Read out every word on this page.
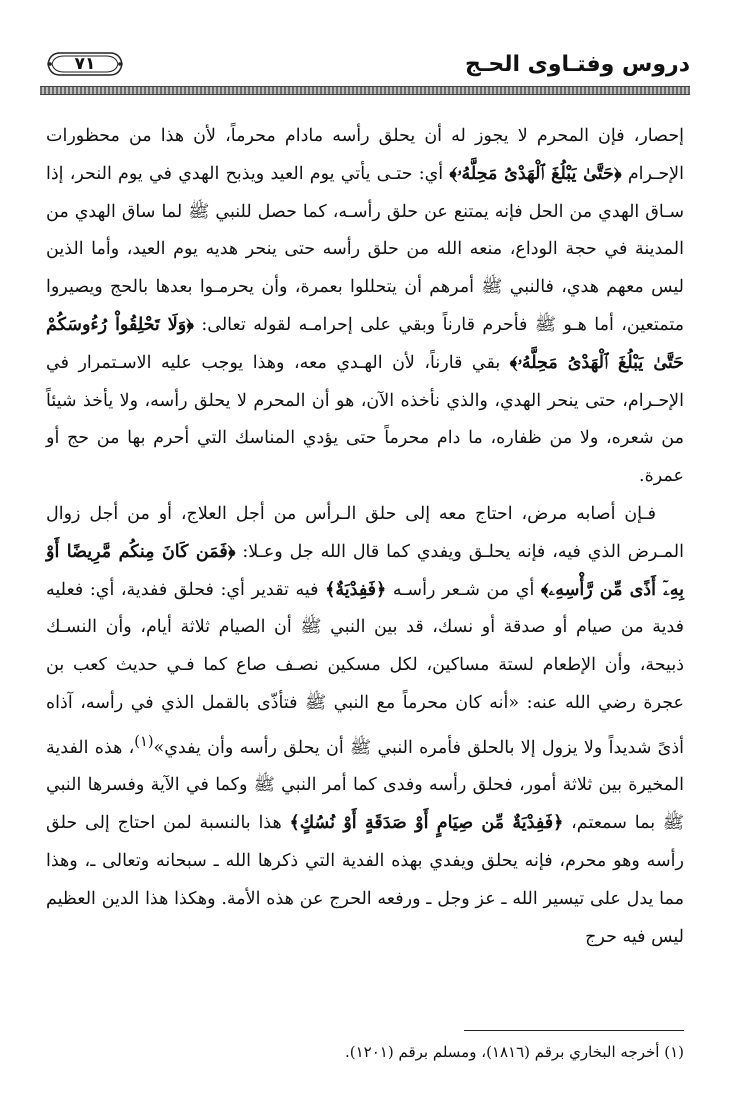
دروس وفتـاوى الحـج
٧١

إحصار، فإن المحرم لا يجوز له أن يحلق رأسه مادام محرماً، لأن هذا من محظورات الإحـرام ﴿حَتَّىٰ يَبْلُغَ ٱلْهَدْىُ مَحِلَّهُۥ﴾ أي: حتـى يأتي يوم العيد ويذبح الهدي في يوم النحر، إذا سـاق الهدي من الحل فإنه يمتنع عن حلق رأسـه، كما حصل للنبي ﷺ لما ساق الهدي من المدينة في حجة الوداع، منعه الله من حلق رأسه حتى ينحر هديه يوم العيد، وأما الذين ليس معهم هدي، فالنبي ﷺ أمرهم أن يتحللوا بعمرة، وأن يحرمـوا بعدها بالحج ويصيروا متمتعين، أما هـو ﷺ فأحرم قارناً وبقي على إحرامـه لقوله تعالى: ﴿وَلَا تَحْلِقُواْ رُءُوسَكُمْ حَتَّىٰ يَبْلُغَ ٱلْهَدْىُ مَحِلَّهُۥ﴾ بقي قارناً، لأن الهـدي معه، وهذا يوجب عليه الاسـتمرار في الإحـرام، حتى ينحر الهدي، والذي نأخذه الآن، هو أن المحرم لا يحلق رأسه، ولا يأخذ شيئاً من شعره، ولا من ظفاره، ما دام محرماً حتى يؤدي المناسك التي أحرم بها من حج أو عمرة.

فـإن أصابه مرض، احتاج معه إلى حلق الـرأس من أجل العلاج، أو من أجل زوال المـرض الذي فيه، فإنه يحلـق ويفدي كما قال الله جل وعـلا: ﴿فَمَن كَانَ مِنكُم مَّرِيضًا أَوْ بِهِۦٓ أَذًى مِّن رَّأْسِهِۦ﴾ أي من شـعر رأسـه ﴿فَفِدْيَةٌ﴾ فيه تقدير أي: فحلق ففدية، أي: فعليه فدية من صيام أو صدقة أو نسك، قد بين النبي ﷺ أن الصيام ثلاثة أيام، وأن النسـك ذبيحة، وأن الإطعام لستة مساكين، لكل مسكين نصـف صاع كما فـي حديث كعب بن عجرة رضي الله عنه: «أنه كان محرماً مع النبي ﷺ فتأذّى بالقمل الذي في رأسه، آذاه أذىً شديداً ولا يزول إلا بالحلق فأمره النبي ﷺ أن يحلق رأسه وأن يفدي»$^{(١)}$، هذه الفدية المخيرة بين ثلاثة أمور، فحلق رأسه وفدى كما أمر النبي ﷺ وكما في الآية وفسرها النبي ﷺ بما سمعتم، ﴿فَفِدْيَةٌ مِّن صِيَامٍ أَوْ صَدَقَةٍ أَوْ نُسُكٍ﴾ هذا بالنسبة لمن احتاج إلى حلق رأسه وهو محرم، فإنه يحلق ويفدي بهذه الفدية التي ذكرها الله ـ سبحانه وتعالى ـ، وهذا مما يدل على تيسير الله ـ عز وجل ـ ورفعه الحرج عن هذه الأمة. وهكذا هذا الدين العظيم ليس فيه حرج

(١) أخرجه البخاري برقم (١٨١٦)، ومسلم برقم (١٢٠١).
